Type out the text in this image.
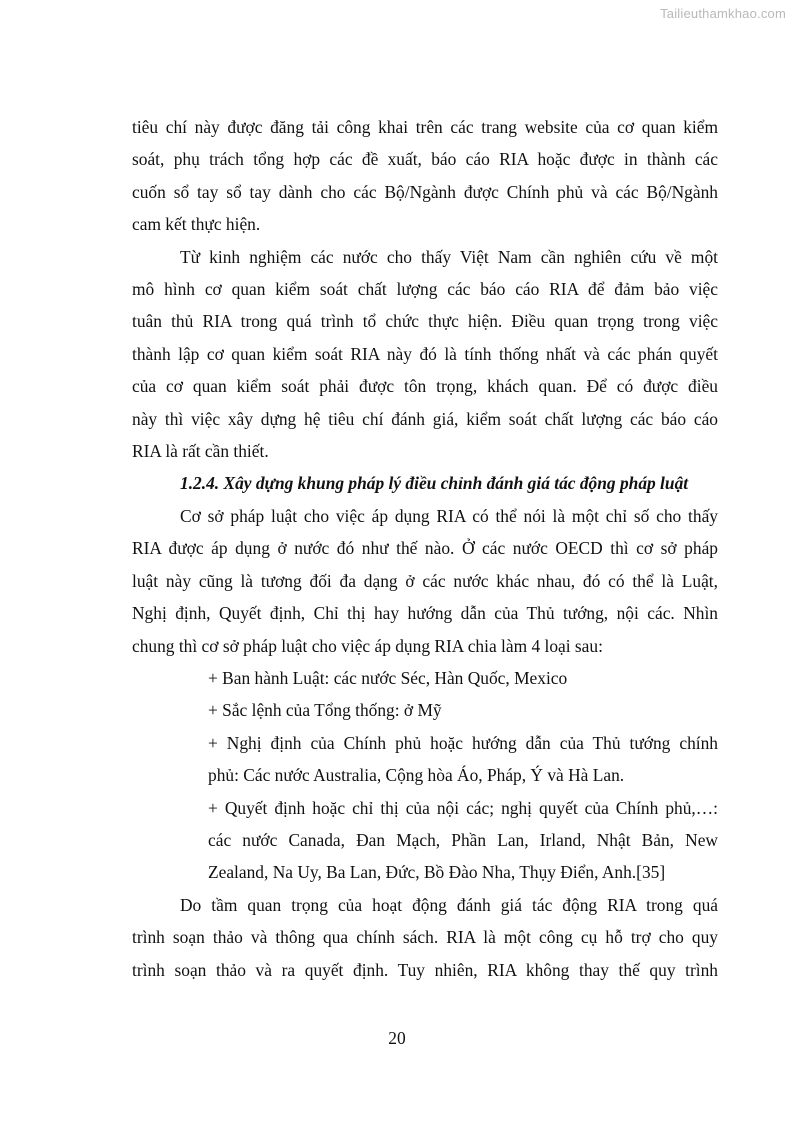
Tailieuthamkhao.com
tiêu chí này được đăng tải công khai trên các trang website của cơ quan kiểm
soát, phụ trách tổng hợp các đề xuất, báo cáo RIA hoặc được in thành các
cuốn sổ tay sổ tay dành cho các Bộ/Ngành được Chính phủ và các Bộ/Ngành
cam kết thực hiện.
Từ kinh nghiệm các nước cho thấy Việt Nam cần nghiên cứu về một
mô hình cơ quan kiểm soát chất lượng các báo cáo RIA để đảm bảo việc
tuân thủ RIA trong quá trình tổ chức thực hiện. Điều quan trọng trong việc
thành lập cơ quan kiểm soát RIA này đó là tính thống nhất và các phán quyết
của cơ quan kiểm soát phải được tôn trọng, khách quan. Để có được điều
này thì việc xây dựng hệ tiêu chí đánh giá, kiểm soát chất lượng các báo cáo
RIA là rất cần thiết.
1.2.4. Xây dựng khung pháp lý điều chỉnh đánh giá tác động pháp luật
Cơ sở pháp luật cho việc áp dụng RIA có thể nói là một chỉ số cho thấy
RIA được áp dụng ở nước đó như thế nào. Ở các nước OECD thì cơ sở pháp
luật này cũng là tương đối đa dạng ở các nước khác nhau, đó có thể là Luật,
Nghị định, Quyết định, Chỉ thị hay hướng dẫn của Thủ tướng, nội các. Nhìn
chung thì cơ sở pháp luật cho việc áp dụng RIA chia làm 4 loại sau:
+ Ban hành Luật: các nước Séc, Hàn Quốc, Mexico
+ Sắc lệnh của Tổng thống: ở Mỹ
+ Nghị định của Chính phủ hoặc hướng dẫn của Thủ tướng chính
phủ: Các nước Australia, Cộng hòa Áo, Pháp, Ý và Hà Lan.
+ Quyết định hoặc chỉ thị của nội các; nghị quyết của Chính phủ,…:
các nước Canada, Đan Mạch, Phần Lan, Irland, Nhật Bản, New
Zealand, Na Uy, Ba Lan, Đức, Bồ Đào Nha, Thụy Điển, Anh.[35]
Do tầm quan trọng của hoạt động đánh giá tác động RIA trong quá
trình soạn thảo và thông qua chính sách. RIA là một công cụ hỗ trợ cho quy
trình soạn thảo và ra quyết định. Tuy nhiên, RIA không thay thế quy trình
20
